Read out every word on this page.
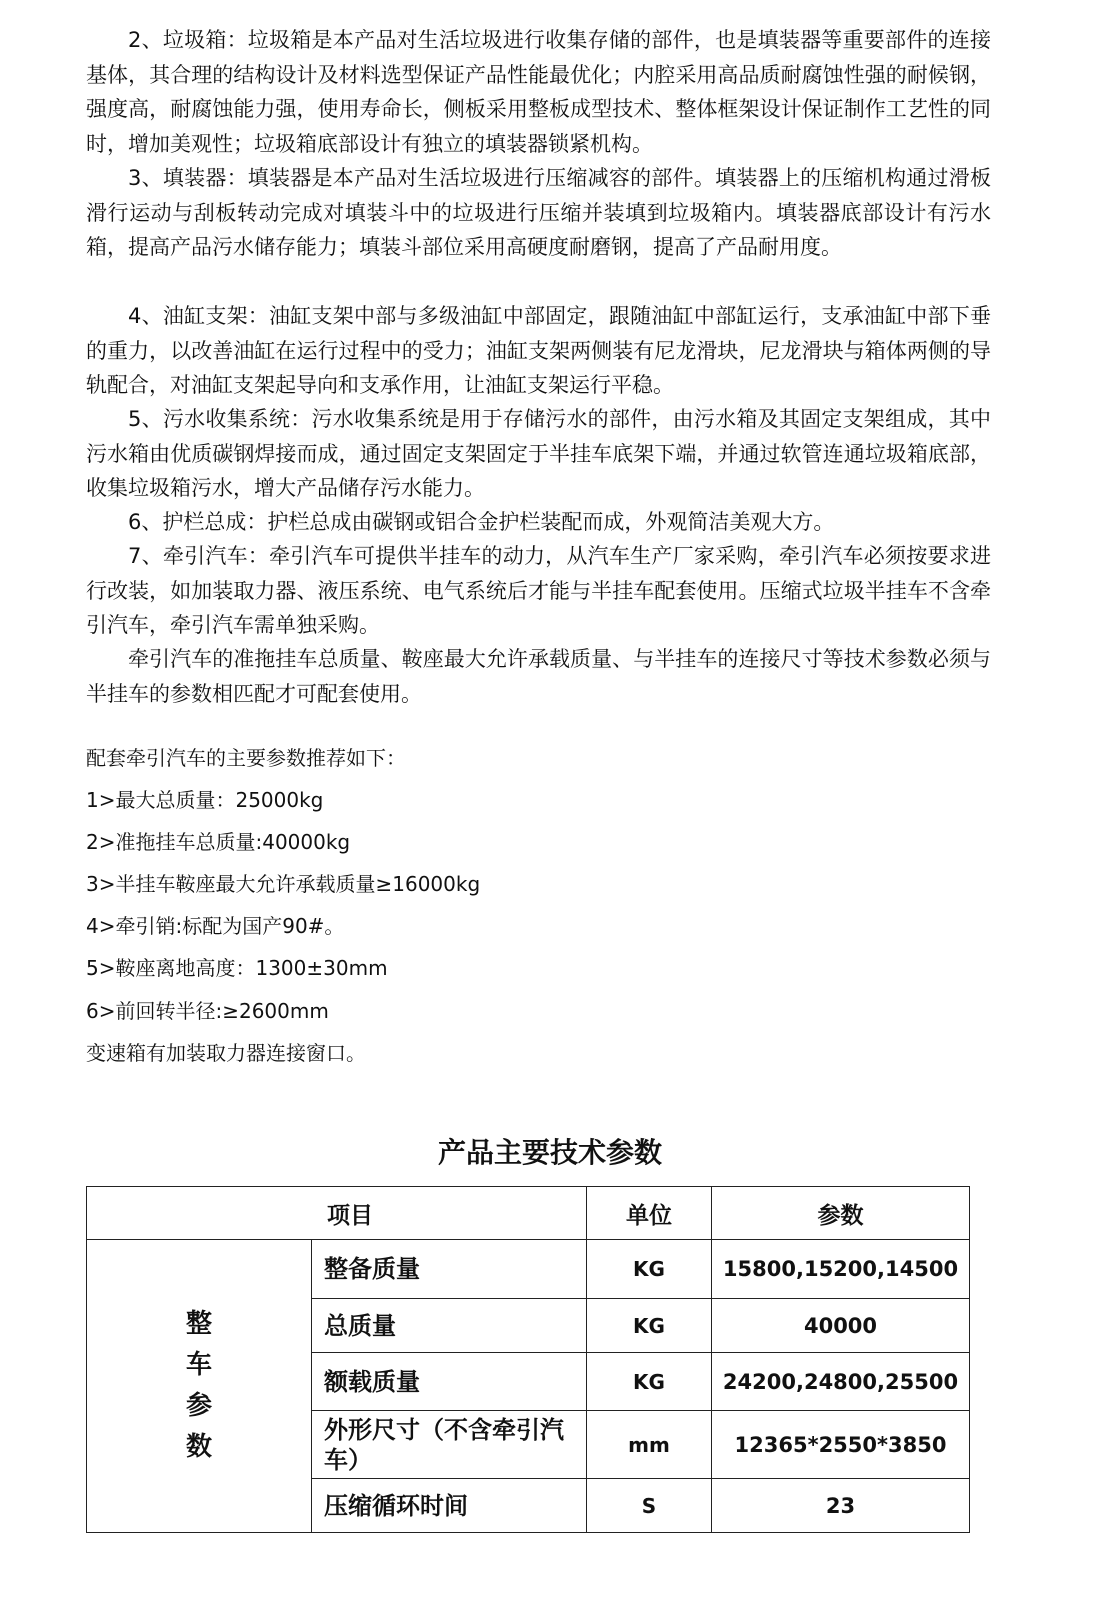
2、垃圾箱：垃圾箱是本产品对生活垃圾进行收集存储的部件，也是填装器等重要部件的连接基体，其合理的结构设计及材料选型保证产品性能最优化；内腔采用高品质耐腐蚀性强的耐候钢，强度高，耐腐蚀能力强，使用寿命长，侧板采用整板成型技术、整体框架设计保证制作工艺性的同时，增加美观性；垃圾箱底部设计有独立的填装器锁紧机构。

3、填装器：填装器是本产品对生活垃圾进行压缩减容的部件。填装器上的压缩机构通过滑板滑行运动与刮板转动完成对填装斗中的垃圾进行压缩并装填到垃圾箱内。填装器底部设计有污水箱，提高产品污水储存能力；填装斗部位采用高硬度耐磨钢，提高了产品耐用度。

4、油缸支架：油缸支架中部与多级油缸中部固定，跟随油缸中部缸运行，支承油缸中部下垂的重力，以改善油缸在运行过程中的受力；油缸支架两侧装有尼龙滑块，尼龙滑块与箱体两侧的导轨配合，对油缸支架起导向和支承作用，让油缸支架运行平稳。

5、污水收集系统：污水收集系统是用于存储污水的部件，由污水箱及其固定支架组成，其中污水箱由优质碳钢焊接而成，通过固定支架固定于半挂车底架下端，并通过软管连通垃圾箱底部，收集垃圾箱污水，增大产品储存污水能力。

6、护栏总成：护栏总成由碳钢或铝合金护栏装配而成，外观简洁美观大方。

7、牵引汽车：牵引汽车可提供半挂车的动力，从汽车生产厂家采购，牵引汽车必须按要求进行改装，如加装取力器、液压系统、电气系统后才能与半挂车配套使用。压缩式垃圾半挂车不含牵引汽车，牵引汽车需单独采购。

牵引汽车的准拖挂车总质量、鞍座最大允许承载质量、与半挂车的连接尺寸等技术参数必须与半挂车的参数相匹配才可配套使用。

配套牵引汽车的主要参数推荐如下：

1>最大总质量：25000kg

2>准拖挂车总质量:40000kg

3>半挂车鞍座最大允许承载质量≥16000kg

4>牵引销:标配为国产90#。

5>鞍座离地高度：1300±30mm

6>前回转半径:≥2600mm

变速箱有加装取力器连接窗口。

产品主要技术参数
项目		单位	参数

整
车
参
数	整备质量	KG	15800,15200,14500
	总质量	KG	40000
	额载质量	KG	24200,24800,25500
	外形尺寸（不含牵引汽车）	mm	12365*2550*3850
	压缩循环时间	S	23
